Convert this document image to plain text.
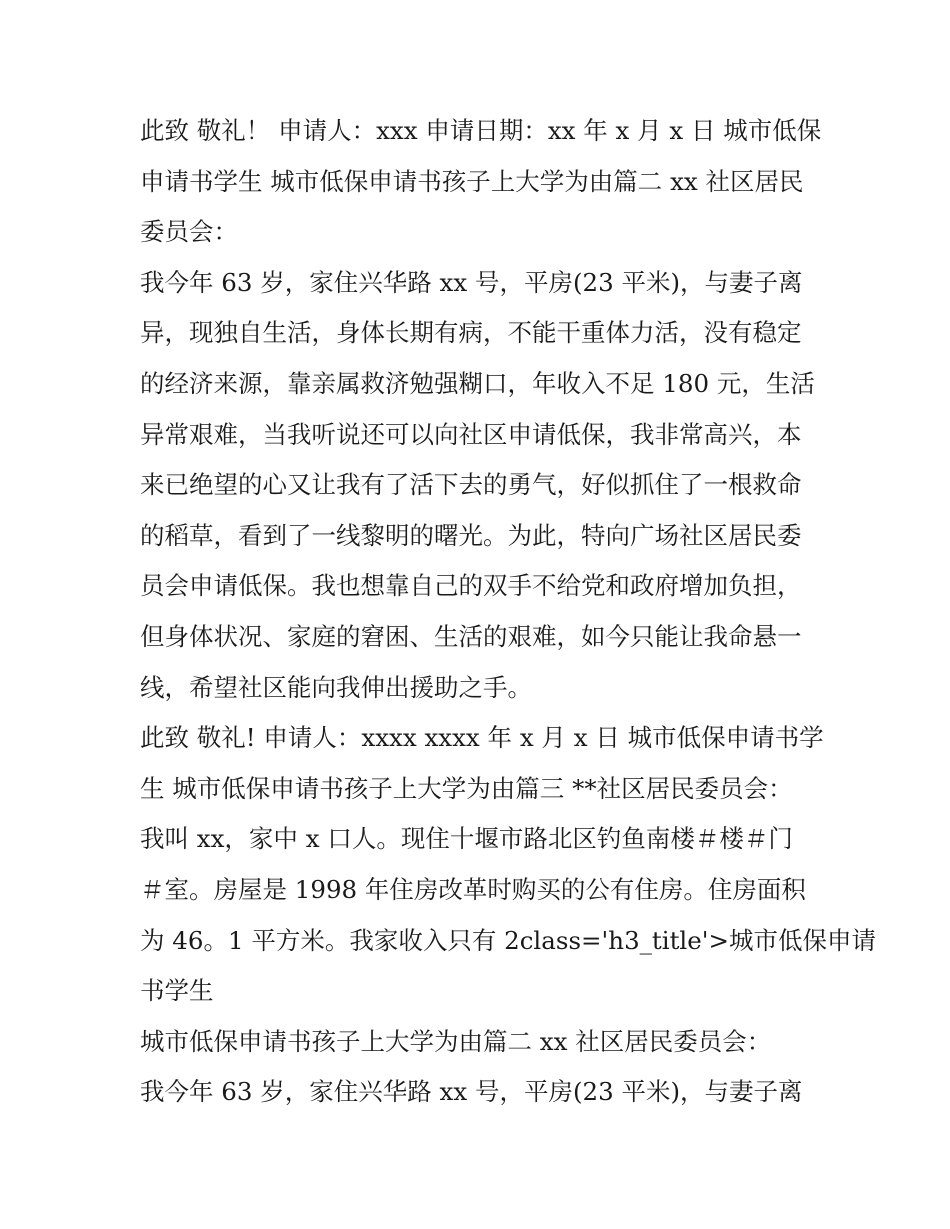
此致 敬礼！ 申请人：xxx 申请日期：xx 年 x 月 x 日 城市低保
申请书学生 城市低保申请书孩子上大学为由篇二 xx 社区居民
委员会：
我今年 63 岁，家住兴华路 xx 号，平房(23 平米)，与妻子离
异，现独自生活，身体长期有病，不能干重体力活，没有稳定
的经济来源，靠亲属救济勉强糊口，年收入不足 180 元，生活
异常艰难，当我听说还可以向社区申请低保，我非常高兴，本
来已绝望的心又让我有了活下去的勇气，好似抓住了一根救命
的稻草，看到了一线黎明的曙光。为此，特向广场社区居民委
员会申请低保。我也想靠自己的双手不给党和政府增加负担，
但身体状况、家庭的窘困、生活的艰难，如今只能让我命悬一
线，希望社区能向我伸出援助之手。
此致 敬礼! 申请人：xxxx xxxx 年 x 月 x 日 城市低保申请书学
生 城市低保申请书孩子上大学为由篇三 **社区居民委员会：
我叫 xx，家中 x 口人。现住十堰市路北区钓鱼南楼＃楼＃门
＃室。房屋是 1998 年住房改革时购买的公有住房。住房面积
为 46。1 平方米。我家收入只有 2class='h3_title'>城市低保申请
书学生
城市低保申请书孩子上大学为由篇二 xx 社区居民委员会：
我今年 63 岁，家住兴华路 xx 号，平房(23 平米)，与妻子离
